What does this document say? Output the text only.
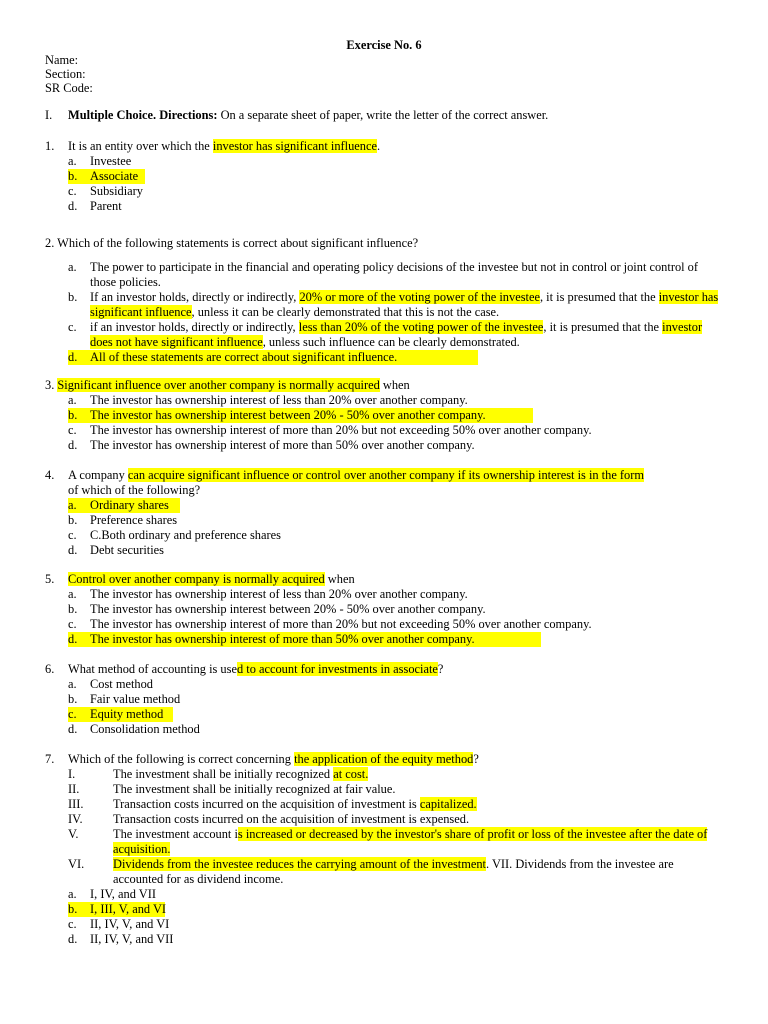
Exercise No. 6
Name:
Section:
SR Code:
I. Multiple Choice. Directions: On a separate sheet of paper, write the letter of the correct answer.
1. It is an entity over which the investor has significant influence.
a. Investee
b. Associate
c. Subsidiary
d. Parent
2. Which of the following statements is correct about significant influence?
a. The power to participate in the financial and operating policy decisions of the investee but not in control or joint control of those policies.
b. If an investor holds, directly or indirectly, 20% or more of the voting power of the investee, it is presumed that the investor has significant influence, unless it can be clearly demonstrated that this is not the case.
c. if an investor holds, directly or indirectly, less than 20% of the voting power of the investee, it is presumed that the investor does not have significant influence, unless such influence can be clearly demonstrated.
d. All of these statements are correct about significant influence.
3. Significant influence over another company is normally acquired when
a. The investor has ownership interest of less than 20% over another company.
b. The investor has ownership interest between 20% - 50% over another company.
c. The investor has ownership interest of more than 20% but not exceeding 50% over another company.
d. The investor has ownership interest of more than 50% over another company.
4. A company can acquire significant influence or control over another company if its ownership interest is in the form
of which of the following?
a. Ordinary shares
b. Preference shares
c. C.Both ordinary and preference shares
d. Debt securities
5. Control over another company is normally acquired when
a. The investor has ownership interest of less than 20% over another company.
b. The investor has ownership interest between 20% - 50% over another company.
c. The investor has ownership interest of more than 20% but not exceeding 50% over another company.
d. The investor has ownership interest of more than 50% over another company.
6. What method of accounting is used to account for investments in associate?
a. Cost method
b. Fair value method
c. Equity method
d. Consolidation method
7. Which of the following is correct concerning the application of the equity method?
I.	The investment shall be initially recognized at cost.
II.	The investment shall be initially recognized at fair value.
III. Transaction costs incurred on the acquisition of investment is capitalized.
IV. Transaction costs incurred on the acquisition of investment is expensed.
V.	The investment account is increased or decreased by the investor's share of profit or loss of the investee after the date of acquisition.
VI. Dividends from the investee reduces the carrying amount of the investment. VII. Dividends from the investee are accounted for as dividend income.
a. I, IV, and VII
b. I, III, V, and VI
c. II, IV, V, and VI
d. II, IV, V, and VII
